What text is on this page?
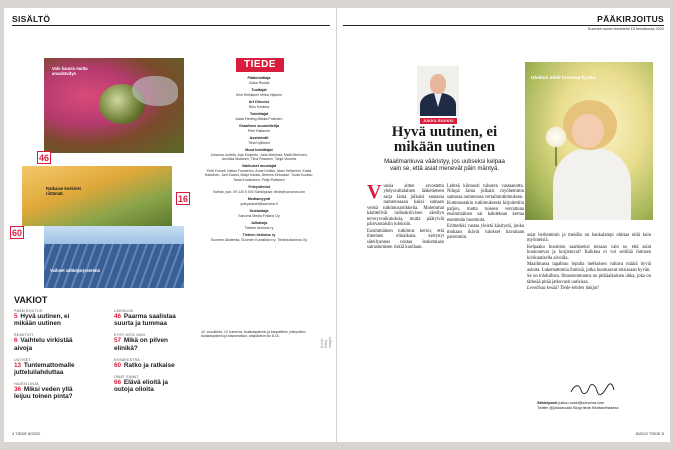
SISÄLTÖ
Valo kaunis mutta ansahävitys
46
Ratkaise keskivet riittämät.
16
Vaiheet sähköjärjestelmä
60
VAKIOT
PÄÄKIRJOITUS
5 Hyvä uutinen, ei mikään uutinen
REAKTIOT
6 Vaihtelu virkistää aivoja
UUTISET
13 Tuntemattomalle jutteluilahduttaa
HAJEN LINJÄ
36 Miksi veden yllä leijuu toinen pinta?
LÄHIKUVA
46 Paarma saalistaa suurta ja tummaa
KYSY MITÄ VAIN
57 Mikä on pilven elinikä?
KESÄKESTRA
60 Ratko ja ratkaise
OMAT SANAT
66 Elävä elioitä ja outoja olioita
TIEDE
Päätoimittaja
Jukka Ruukki
Tuottajat
Kirsi Heikkinen Mirka Viljanen
Art Director
Riku Koskela
Toimittajat
Aada Färding Miikka Puttonen
Graafinen suunnittelija
Petri Raitanen
Assistentti
Tiina Kyllönen
Muut toimittajat
Johanna Junttila, Arja Kivipelto, Juha Merimaa, Matti Mielonen, Annikka Mutanen, Tiina Pasanen, Tanja Vuorela
Vakituiset avustajat
Petri Forsell, Niklas Forsström, Anne Holkko, Marc Hellström, Kaisa Hakkinen, Jani Kaarsi, Maija Karala, Artemis Kelosaari, Touta Koukku, Taina Kuusiniemi, Petja Partanen
Yhteystiedot
Vaihde, puh. 09 120 5 000 Sähköposti: tiede@sanoma.com
Mediamyynti
ynteysukset@sanoma.fi
Kustantaja
Sanoma Media Finland Oy
Julkaisija
Tieteen tiedotus ry
Tieteen tiedotus ry
Suomen Akatemia, Suomen Kuntaliiton ry, Tiedekustannus Oy
42. vuosikerta, 10 numeroa. Asiakaspalvelu ja kaupallinen yhteystieto: Asiakaspalvelu ja tilausmaksut, arkipäivisin klo 8-16.
Kuvat: Getty Images
4 TIEDE 8/2022
PÄÄKIRJOITUS
Suomen suurin tiedelehti 13 heinäkuuta 2022
JUKKA RUUKKI
Hyvä uutinen, ei mikään uutinen
Maailmankuva vääristyy, jos uutiseksi kelpaa vain se, että asiat menevät päin mäntyä.
Uhellus mieli huomaa hyvän.

Vuosia sitten arvostettu yhdysvaltalainen lääketieteen sarja Jama julkaisi samassa numerossaan kaksi samaan veistä tutkimusartikkelia. Molemmat käsittelivät radioaktiivisen säteilyn terveysvaikutuksia, mutta päätyivät päinvastaisiin tuloksiin.

Ensimmäinen tutkimus kertoi, että ilmeinen elinaikana kertynyt säteilyannos nostaa leukemiaan sairastumisen riskiä kuollaan.

Lehteä kiinnosti tulosten vastaanotto. Niinpä Jama julkaisi myöhemmin samassa numerossa vertailututkimuksen.

Kummastakin tutkimuksesta kirjoitettiin paljon, mutta toiseen verrattuna ensimmäinen sai kahdeksan kertaa enemmän huomiota.

Erimerkki vastaa yleistä käsitystä, jonka mukaan ikävät tulokset havaitaan paremmin.	asiat herkemmin ja meidän on hankalampi ohittaa niitä kuin myönteisiä.

Kelpaako huomion saamiseksi toisaan vain se, että asiat huononevat ja kurjistuvat? Kaikkea ei voi selittää ihmisen kivikautisella aivoilla.

Maailmassa tapahtuu lopulta melkoisen valtava määrä hyviä asioita. Lukemattomia ihmisiä, jotka huomaavat toisissaan hyvän.

Se on lohdullista. Ilmastonmuutos on pitkäaikainen uhka, joka on tärkeää pitää jatkuvasti uutisissa.

Levollista kesää! Tiede-lehden lukijat!

Sähköposti jukka.ruukki@sanoma.com
Twitter @jukkaruukki Blogi tiede.fi/tottaneistaeka
8/2022 TIEDE 5
